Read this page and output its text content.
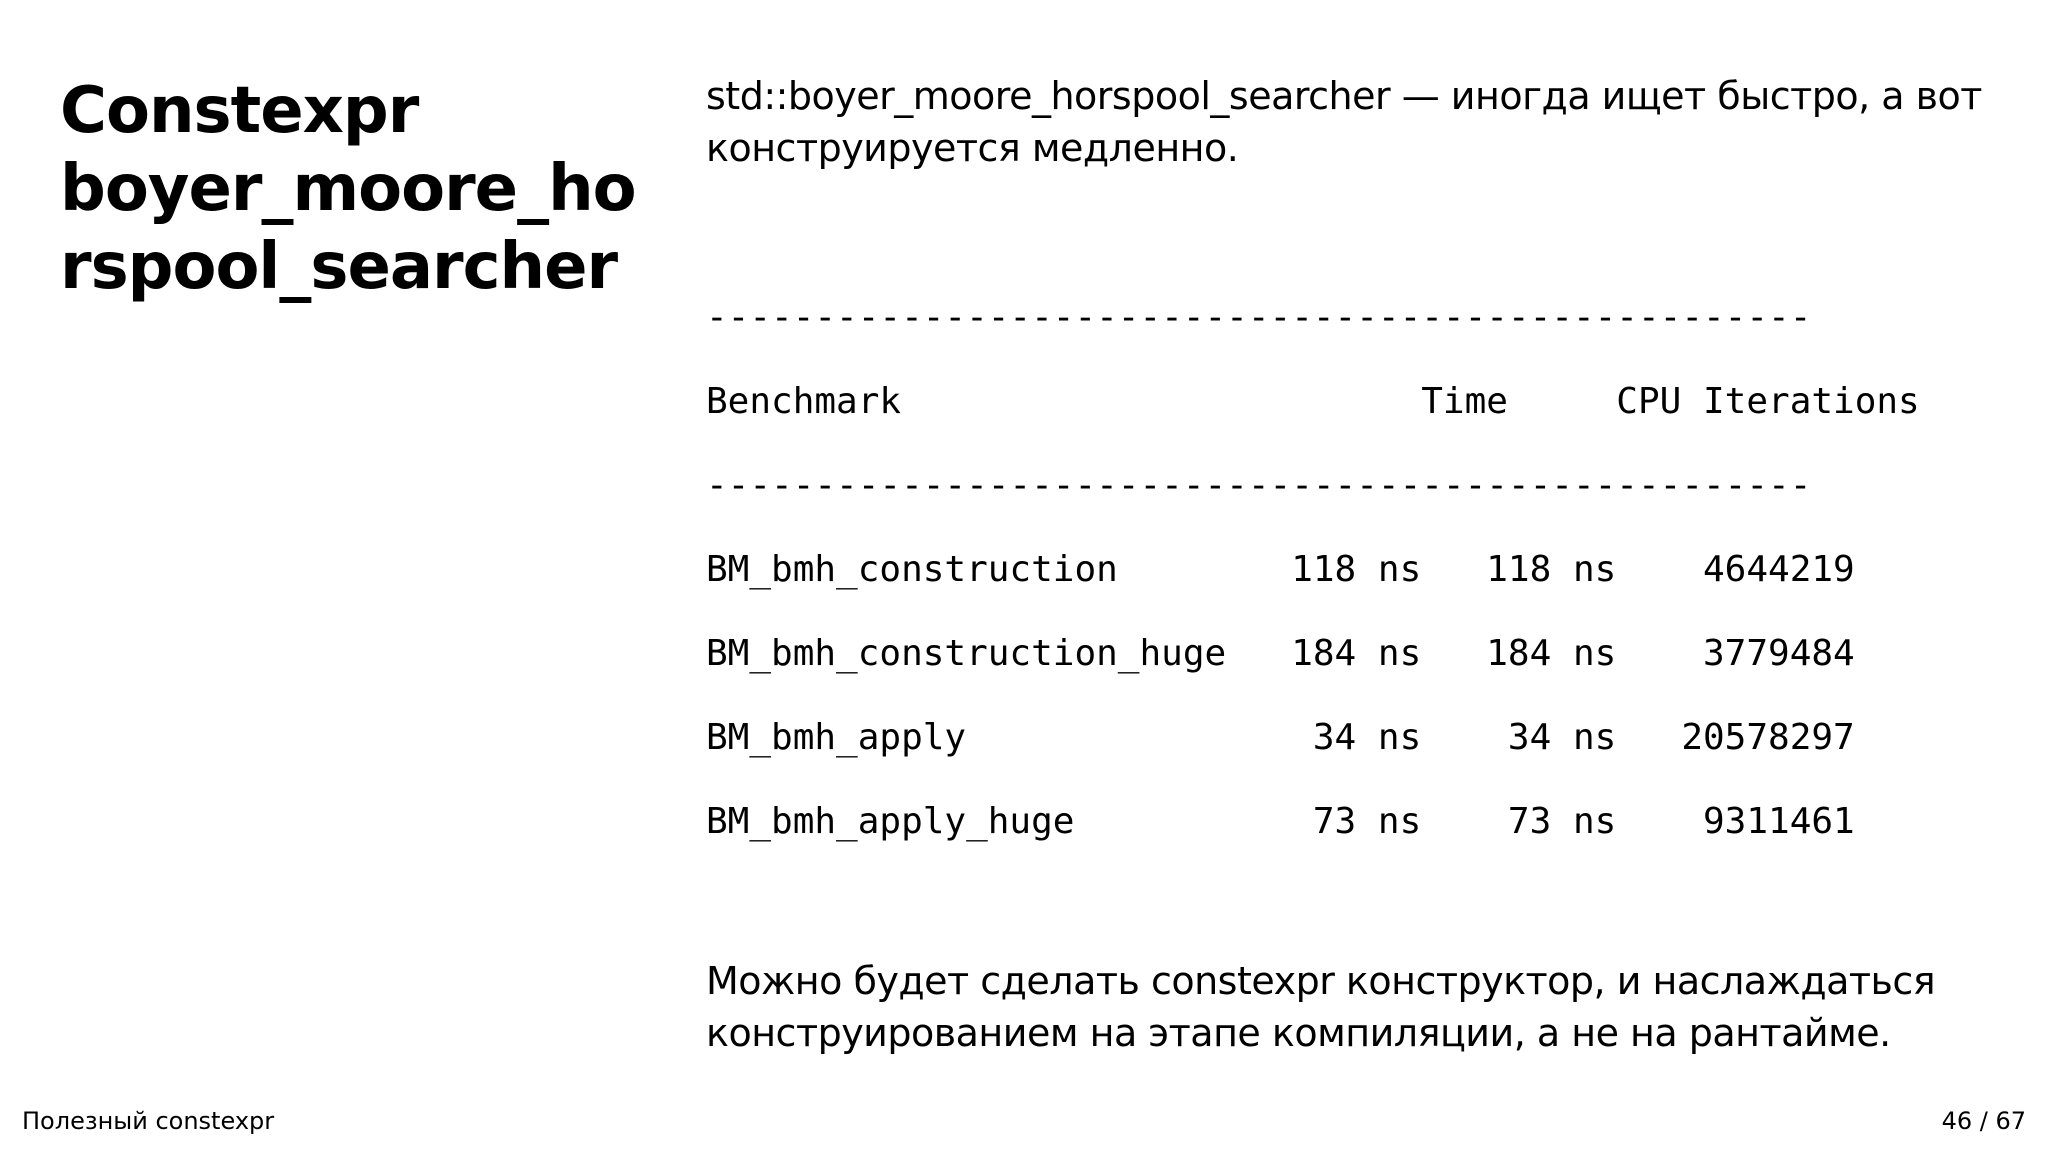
Constexpr
boyer_moore_ho
rspool_searcher

std::boyer_moore_horspool_searcher — иногда ищет быстро, а вот конструируется медленно.

---------------------------------------------------
Benchmark                        Time     CPU Iterations
---------------------------------------------------
BM_bmh_construction        118 ns   118 ns    4644219
BM_bmh_construction_huge   184 ns   184 ns    3779484
BM_bmh_apply                34 ns    34 ns   20578297
BM_bmh_apply_huge           73 ns    73 ns    9311461

Можно будет сделать constexpr конструктор, и наслаждаться конструированием на этапе компиляции, а не на рантайме.

Полезный constexpr	46 / 67
